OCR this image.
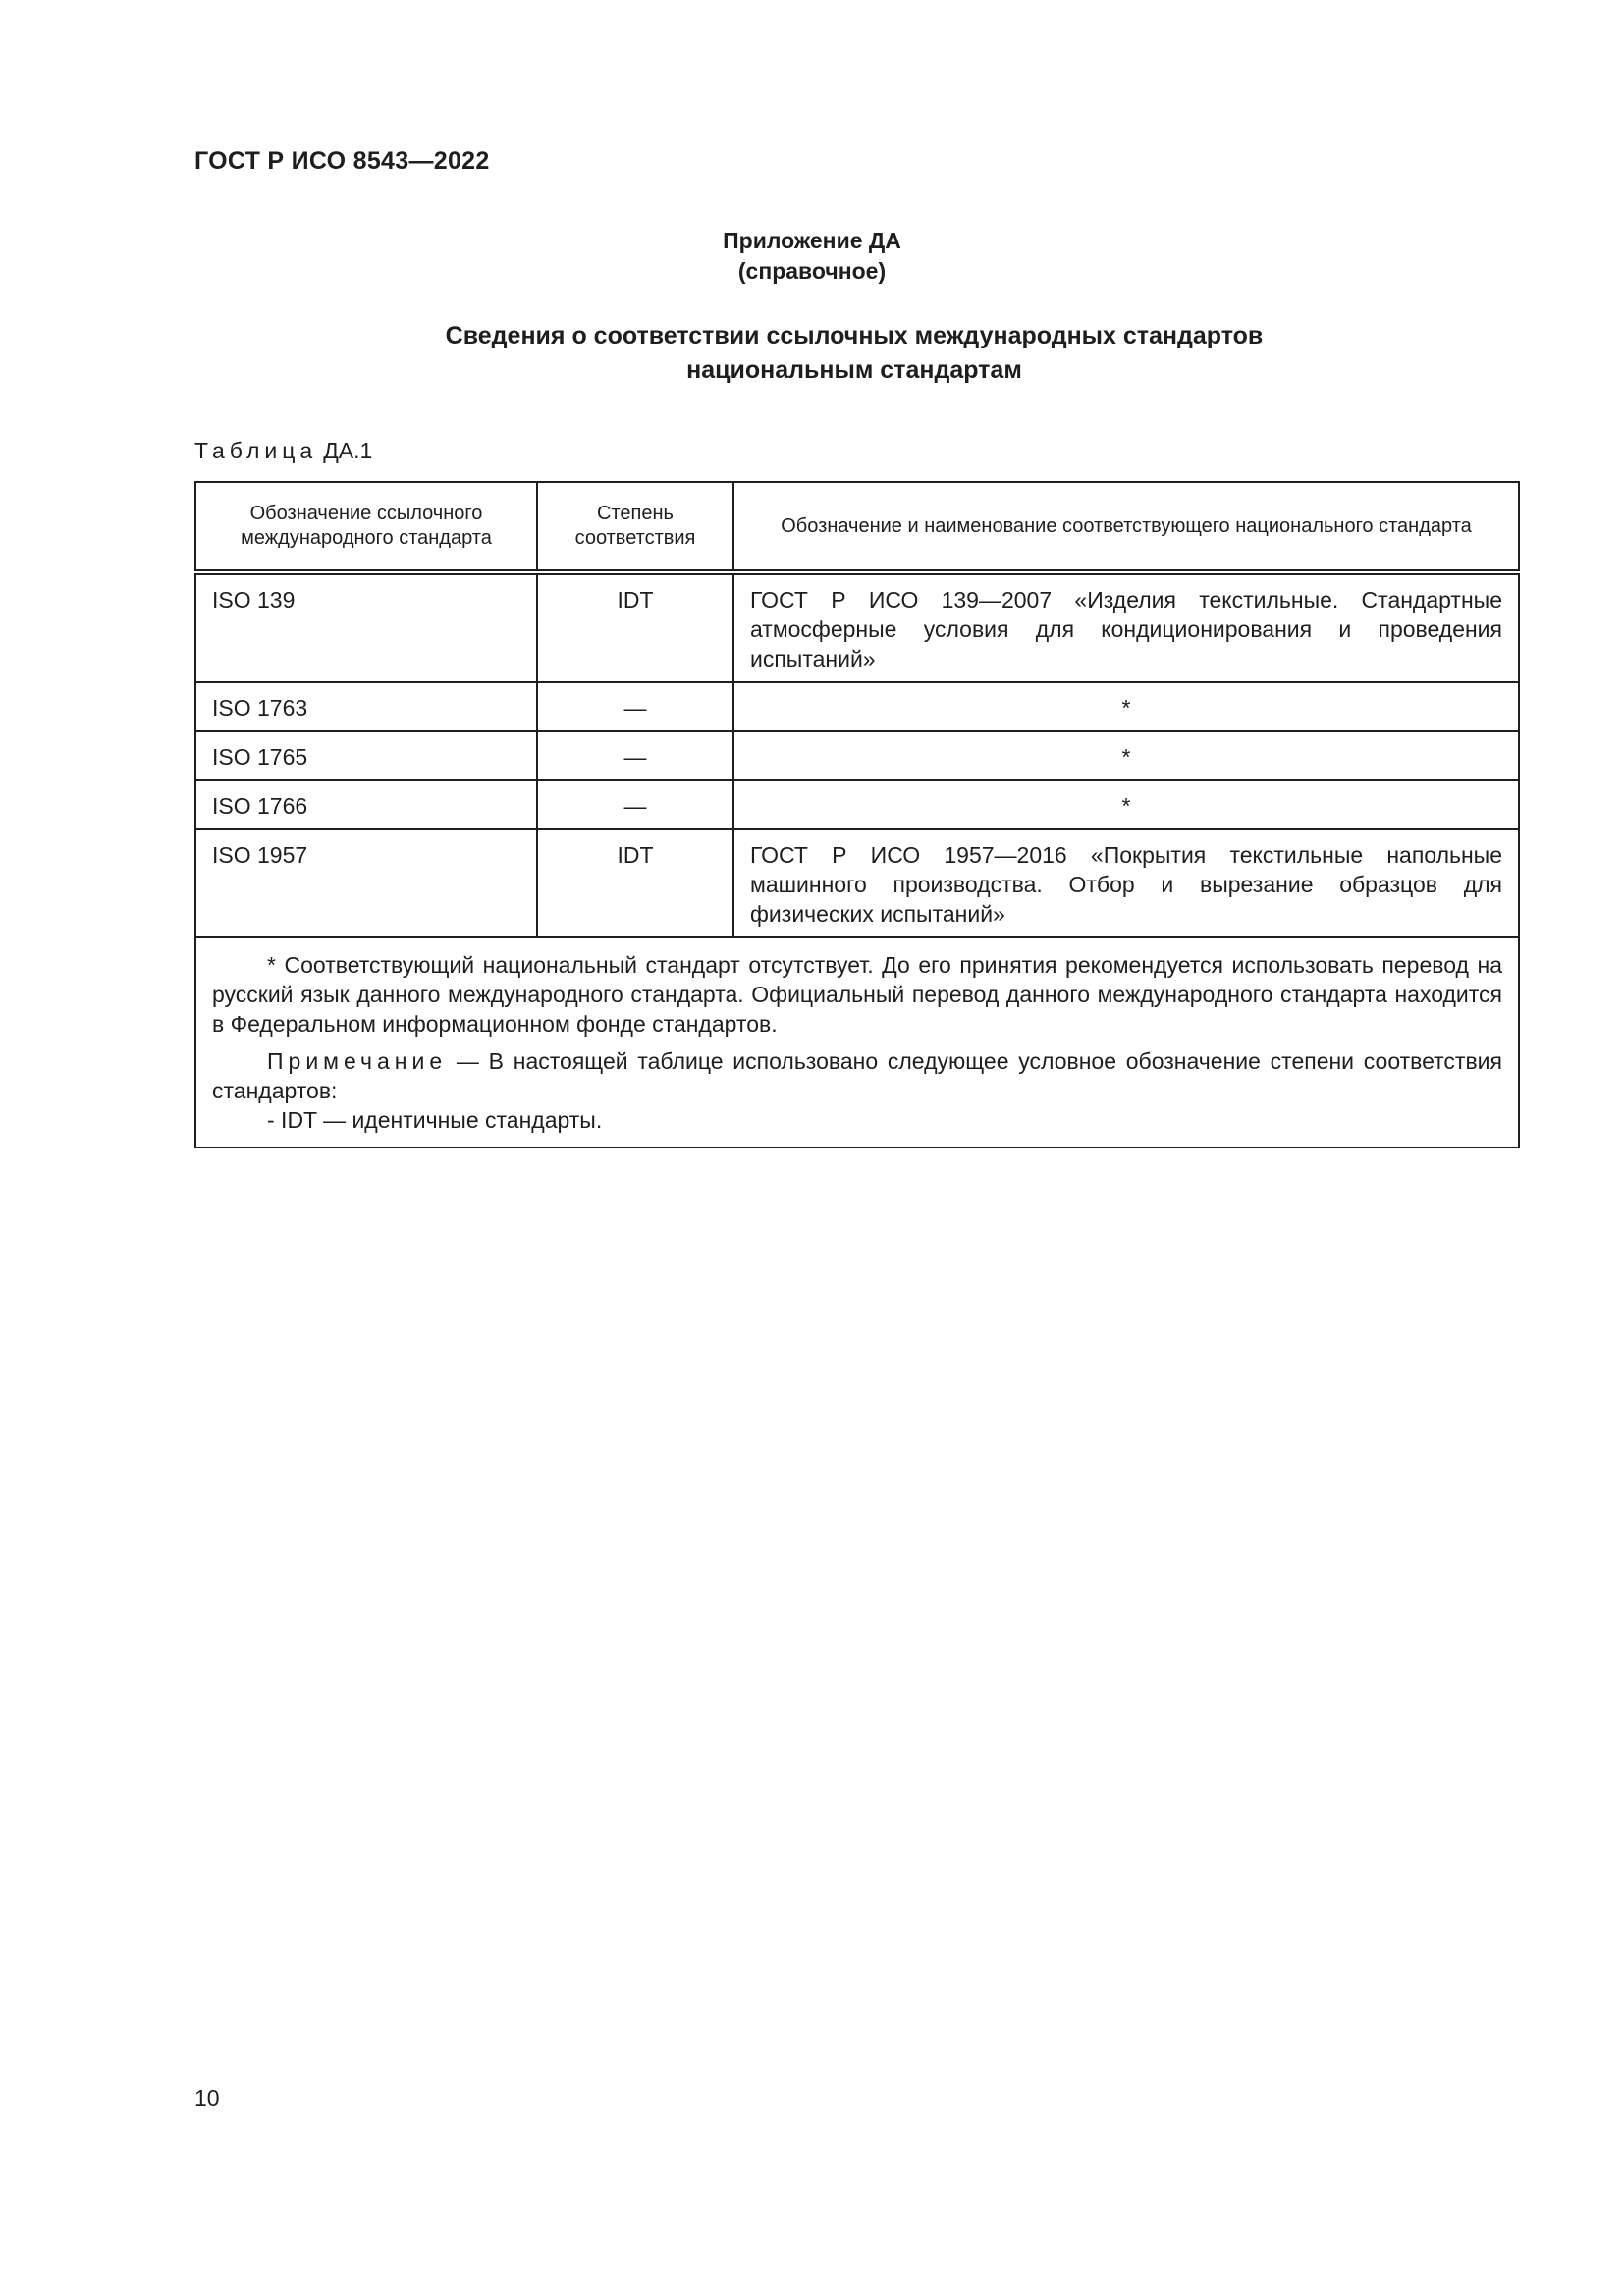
ГОСТ Р ИСО 8543—2022
Приложение ДА
(справочное)
Сведения о соответствии ссылочных международных стандартов
национальным стандартам
Таблица ДА.1
Обозначение ссылочного международного стандарта	Степень соответствия	Обозначение и наименование соответствующего национального стандарта
ISO 139	IDT	ГОСТ Р ИСО 139—2007 «Изделия текстильные. Стандартные атмосферные условия для кондиционирования и проведения испытаний»
ISO 1763	—	*
ISO 1765	—	*
ISO 1766	—	*
ISO 1957	IDT	ГОСТ Р ИСО 1957—2016 «Покрытия текстильные напольные машинного производства. Отбор и вырезание образцов для физических испытаний»

* Соответствующий национальный стандарт отсутствует. До его принятия рекомендуется использовать перевод на русский язык данного международного стандарта. Официальный перевод данного международного стандарта находится в Федеральном информационном фонде стандартов.

Примечание — В настоящей таблице использовано следующее условное обозначение степени соответствия стандартов:

- IDT — идентичные стандарты.		

10
